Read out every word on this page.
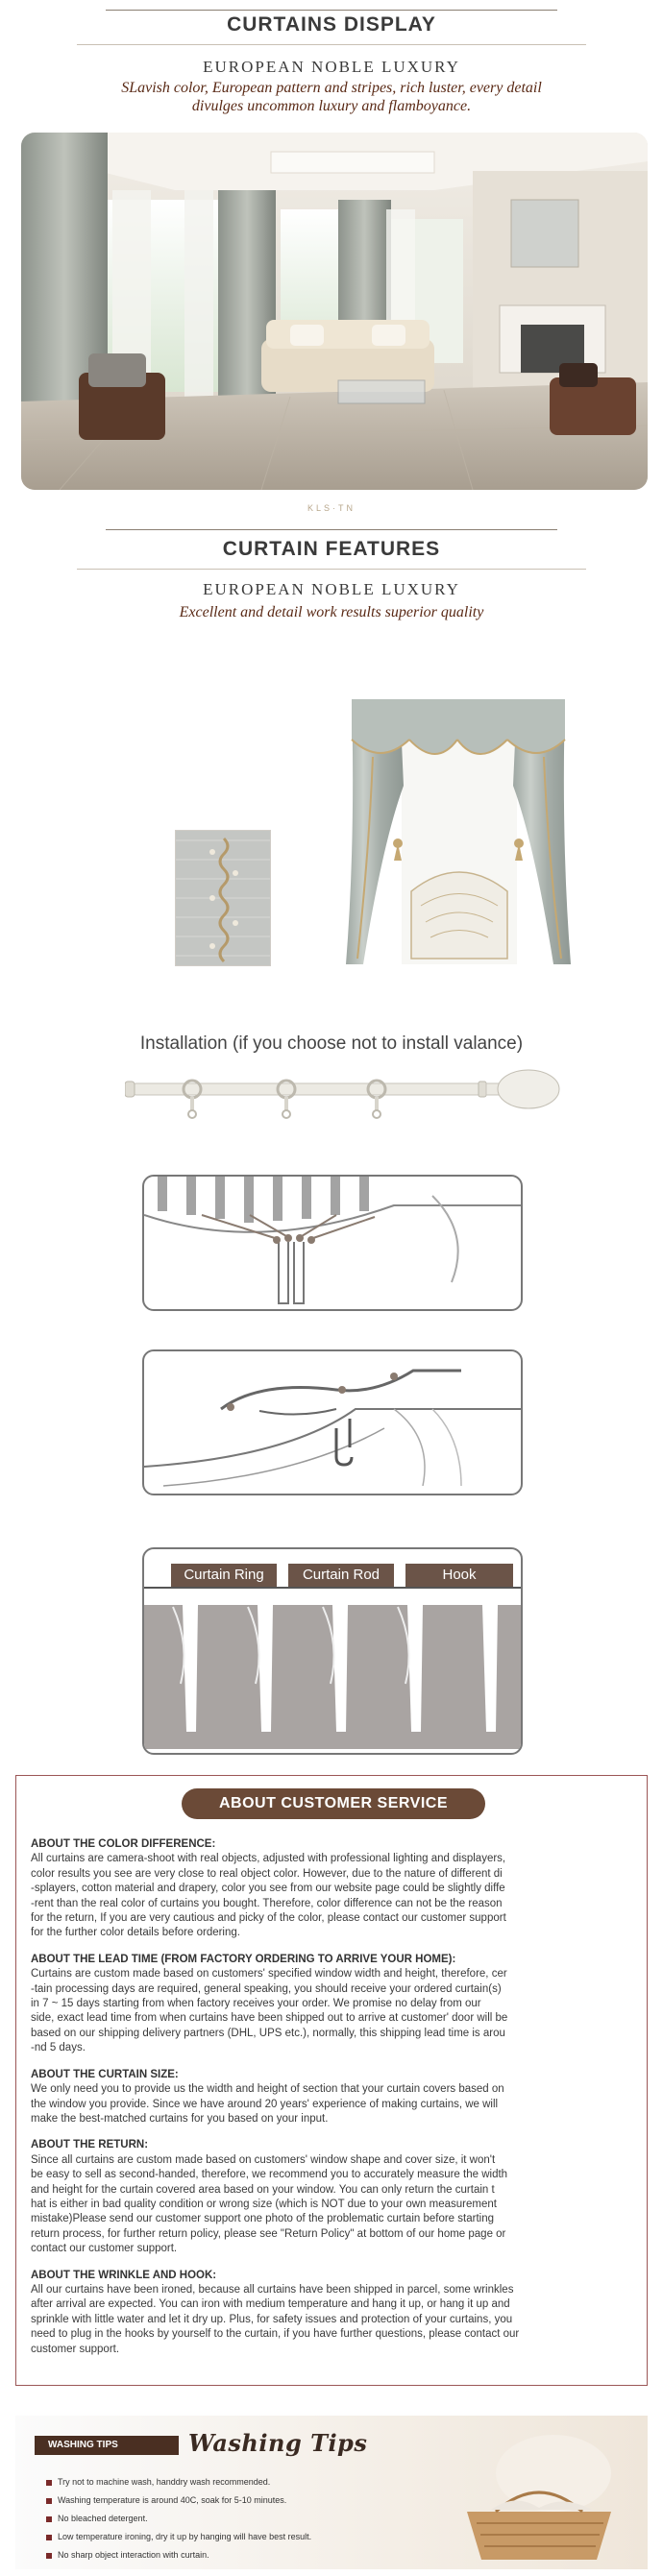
CURTAINS DISPLAY
EUROPEAN NOBLE LUXURY
SLavish color, European pattern and stripes, rich luster, every detail
divulges uncommon luxury and flamboyance.
KLS·TN
CURTAIN FEATURES
EUROPEAN NOBLE LUXURY
Excellent and detail work results superior quality
Installation (if you choose not to install valance)
Curtain Ring	Curtain Rod	Hook
ABOUT CUSTOMER SERVICE
ABOUT THE COLOR DIFFERENCE:
All curtains are camera-shoot with real objects, adjusted with professional lighting and displayers,
color results you see are very close to real object color. However, due to the nature of different di
-splayers, cotton material and drapery, color you see from our website page could be slightly diffe
-rent than the real color of curtains you bought. Therefore, color difference can not be the reason
for the return, If you are very cautious and picky of the color, please contact our customer support
for the further color details before ordering.
ABOUT THE LEAD TIME (FROM FACTORY ORDERING TO ARRIVE YOUR HOME):
Curtains are custom made based on customers' specified window width and height, therefore, cer
-tain processing days are required, general speaking, you should receive your ordered curtain(s)
in 7 ~ 15 days starting from when factory receives your order. We promise no delay from our
side, exact lead time from when curtains have been shipped out to arrive at customer' door will be
based on our shipping delivery partners (DHL, UPS etc.), normally, this shipping lead time is arou
-nd 5 days.
ABOUT THE CURTAIN SIZE:
We only need you to provide us the width and height of section that your curtain covers based on
the window you provide. Since we have around 20 years' experience of making curtains, we will
make the best-matched curtains for you based on your input.
ABOUT THE RETURN:
Since all curtains are custom made based on customers' window shape and cover size, it won't
be easy to sell as second-handed, therefore, we recommend you to accurately measure the width
and height for the curtain covered area based on your window. You can only return the curtain t
hat is either in bad quality condition or wrong size (which is NOT due to your own measurement
mistake)Please send our customer support one photo of the problematic curtain before starting
return process, for further return policy, please see "Return Policy" at bottom of our home page or
contact our customer support.
ABOUT THE WRINKLE AND HOOK:
All our curtains have been ironed, because all curtains have been shipped in parcel, some wrinkles
after arrival are expected. You can iron with medium temperature and hang it up, or hang it up and
sprinkle with little water and let it dry up. Plus, for safety issues and protection of your curtains, you
need to plug in the hooks by yourself to the curtain, if you have further questions, please contact our
customer support.
WASHING TIPS	Washing Tips
Try not to machine wash, handdry wash recommended.
Washing temperature is around 40C, soak for 5-10 minutes.
No bleached detergent.
Low temperature ironing, dry it up by hanging will have best result.
No sharp object interaction with curtain.
